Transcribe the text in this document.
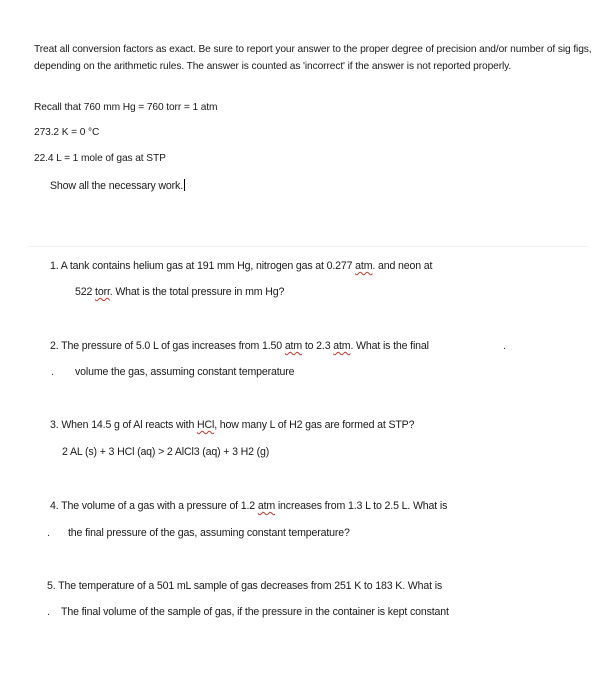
Treat all conversion factors as exact. Be sure to report your answer to the proper degree of precision and/or number of sig figs, depending on the arithmetic rules. The answer is counted as 'incorrect' if the answer is not reported properly.
Recall that 760 mm Hg = 760 torr = 1 atm
273.2 K = 0 °C
22.4 L = 1 mole of gas at STP
Show all the necessary work.
1. A tank contains helium gas at 191 mm Hg, nitrogen gas at 0.277 atm. and neon at
522 torr. What is the total pressure in mm Hg?
2. The pressure of 5.0 L of gas increases from 1.50 atm to 2.3 atm. What is the final	.
. volume the gas, assuming constant temperature
3. When 14.5 g of Al reacts with HCl, how many L of H2 gas are formed at STP?
2 AL (s) + 3 HCl (aq) > 2 AlCl3 (aq) + 3 H2 (g)
4. The volume of a gas with a pressure of 1.2 atm increases from 1.3 L to 2.5 L. What is
. the final pressure of the gas, assuming constant temperature?
5. The temperature of a 501 mL sample of gas decreases from 251 K to 183 K. What is
. The final volume of the sample of gas, if the pressure in the container is kept constant
